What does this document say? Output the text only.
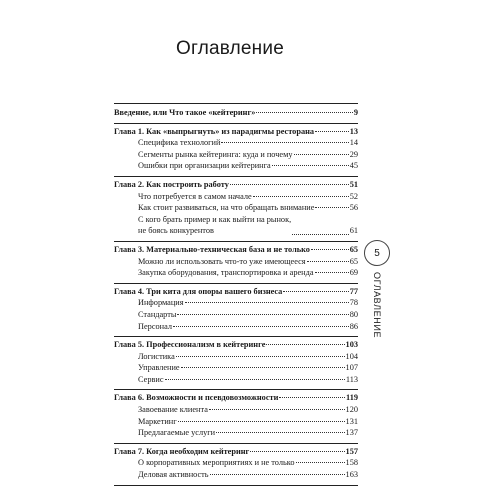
Оглавление
Введение, или Что такое «кейтеринг»	9
Глава 1. Как «выпрыгнуть» из парадигмы ресторана	13
Специфика технологий	14
Сегменты рынка кейтеринга: куда и почему	29
Ошибки при организации кейтеринга	45
Глава 2. Как построить работу	51
Что потребуется в самом начале	52
Как стоит развиваться, на что обращать внимание	56
С кого брать пример и как выйти на рынок,
не боясь конкурентов	61
Глава 3. Материально-техническая база и не только	65
Можно ли использовать что-то уже имеющееся	65
Закупка оборудования, транспортировка и аренда	69
Глава 4. Три кита для опоры вашего бизнеса	77
Информация	78
Стандарты	80
Персонал	86
Глава 5. Профессионализм в кейтеринге	103
Логистика	104
Управление	107
Сервис	113
Глава 6. Возможности и псевдовозможности	119
Завоевание клиента	120
Маркетинг	131
Предлагаемые услуги	137
Глава 7. Когда необходим кейтеринг	157
О корпоративных мероприятиях и не только	158
Деловая активность	163
5
ОГЛАВЛЕНИЕ
